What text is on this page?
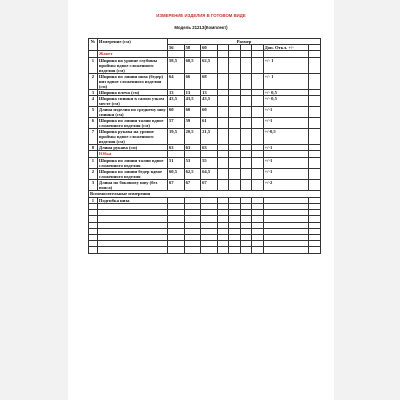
ИЗМЕРЕНИЕ ИЗДЕЛИЯ В ГОТОВОМ ВИДЕ
Модель 2121З(Комплект)
№	Измерение (см)	Размер								
		56	58	60					Доп. Откл. +/-	
	Жакет									
1	Ширина на уровне глубины проймы вдвое сложенного изделия (см)	58,5	60,5	62,5					+/- 1	
2	Ширина по линии низа (бедер) низ вдвое сложенного изделия (см)	64	66	68					+/- 1	
3	Ширина плеча (см)	13	13	13					+/- 0,5	
4	Ширина спинки в самом узком месте (см)	43,5	43,5	43,5					+/- 0,5	
5	Длина изделия по среднему шву спинки (см)	60	60	60					+/-1	
6	Ширина по линии талии вдвое сложенного изделия (см)	57	59	61					+/-1	
7	Ширина рукава на уровне проймы вдвое сложенного изделия (см)	19,5	20,5	21,5					+/-0,5	
8	Длина рукава (см)	63	63	63					+/-1	
	Юбка									
1	Ширина по линии талии вдвое сложенного изделия	51	53	55					+/-1	
2	Ширина по линии бедер вдвое сложенного изделия	60,5	62,5	64,5					+/-1	
3	Длина по боковому шву (без пояса)	67	67	67					+/-2	
Вспомогательные измерения										
1	Подгибка низа									
